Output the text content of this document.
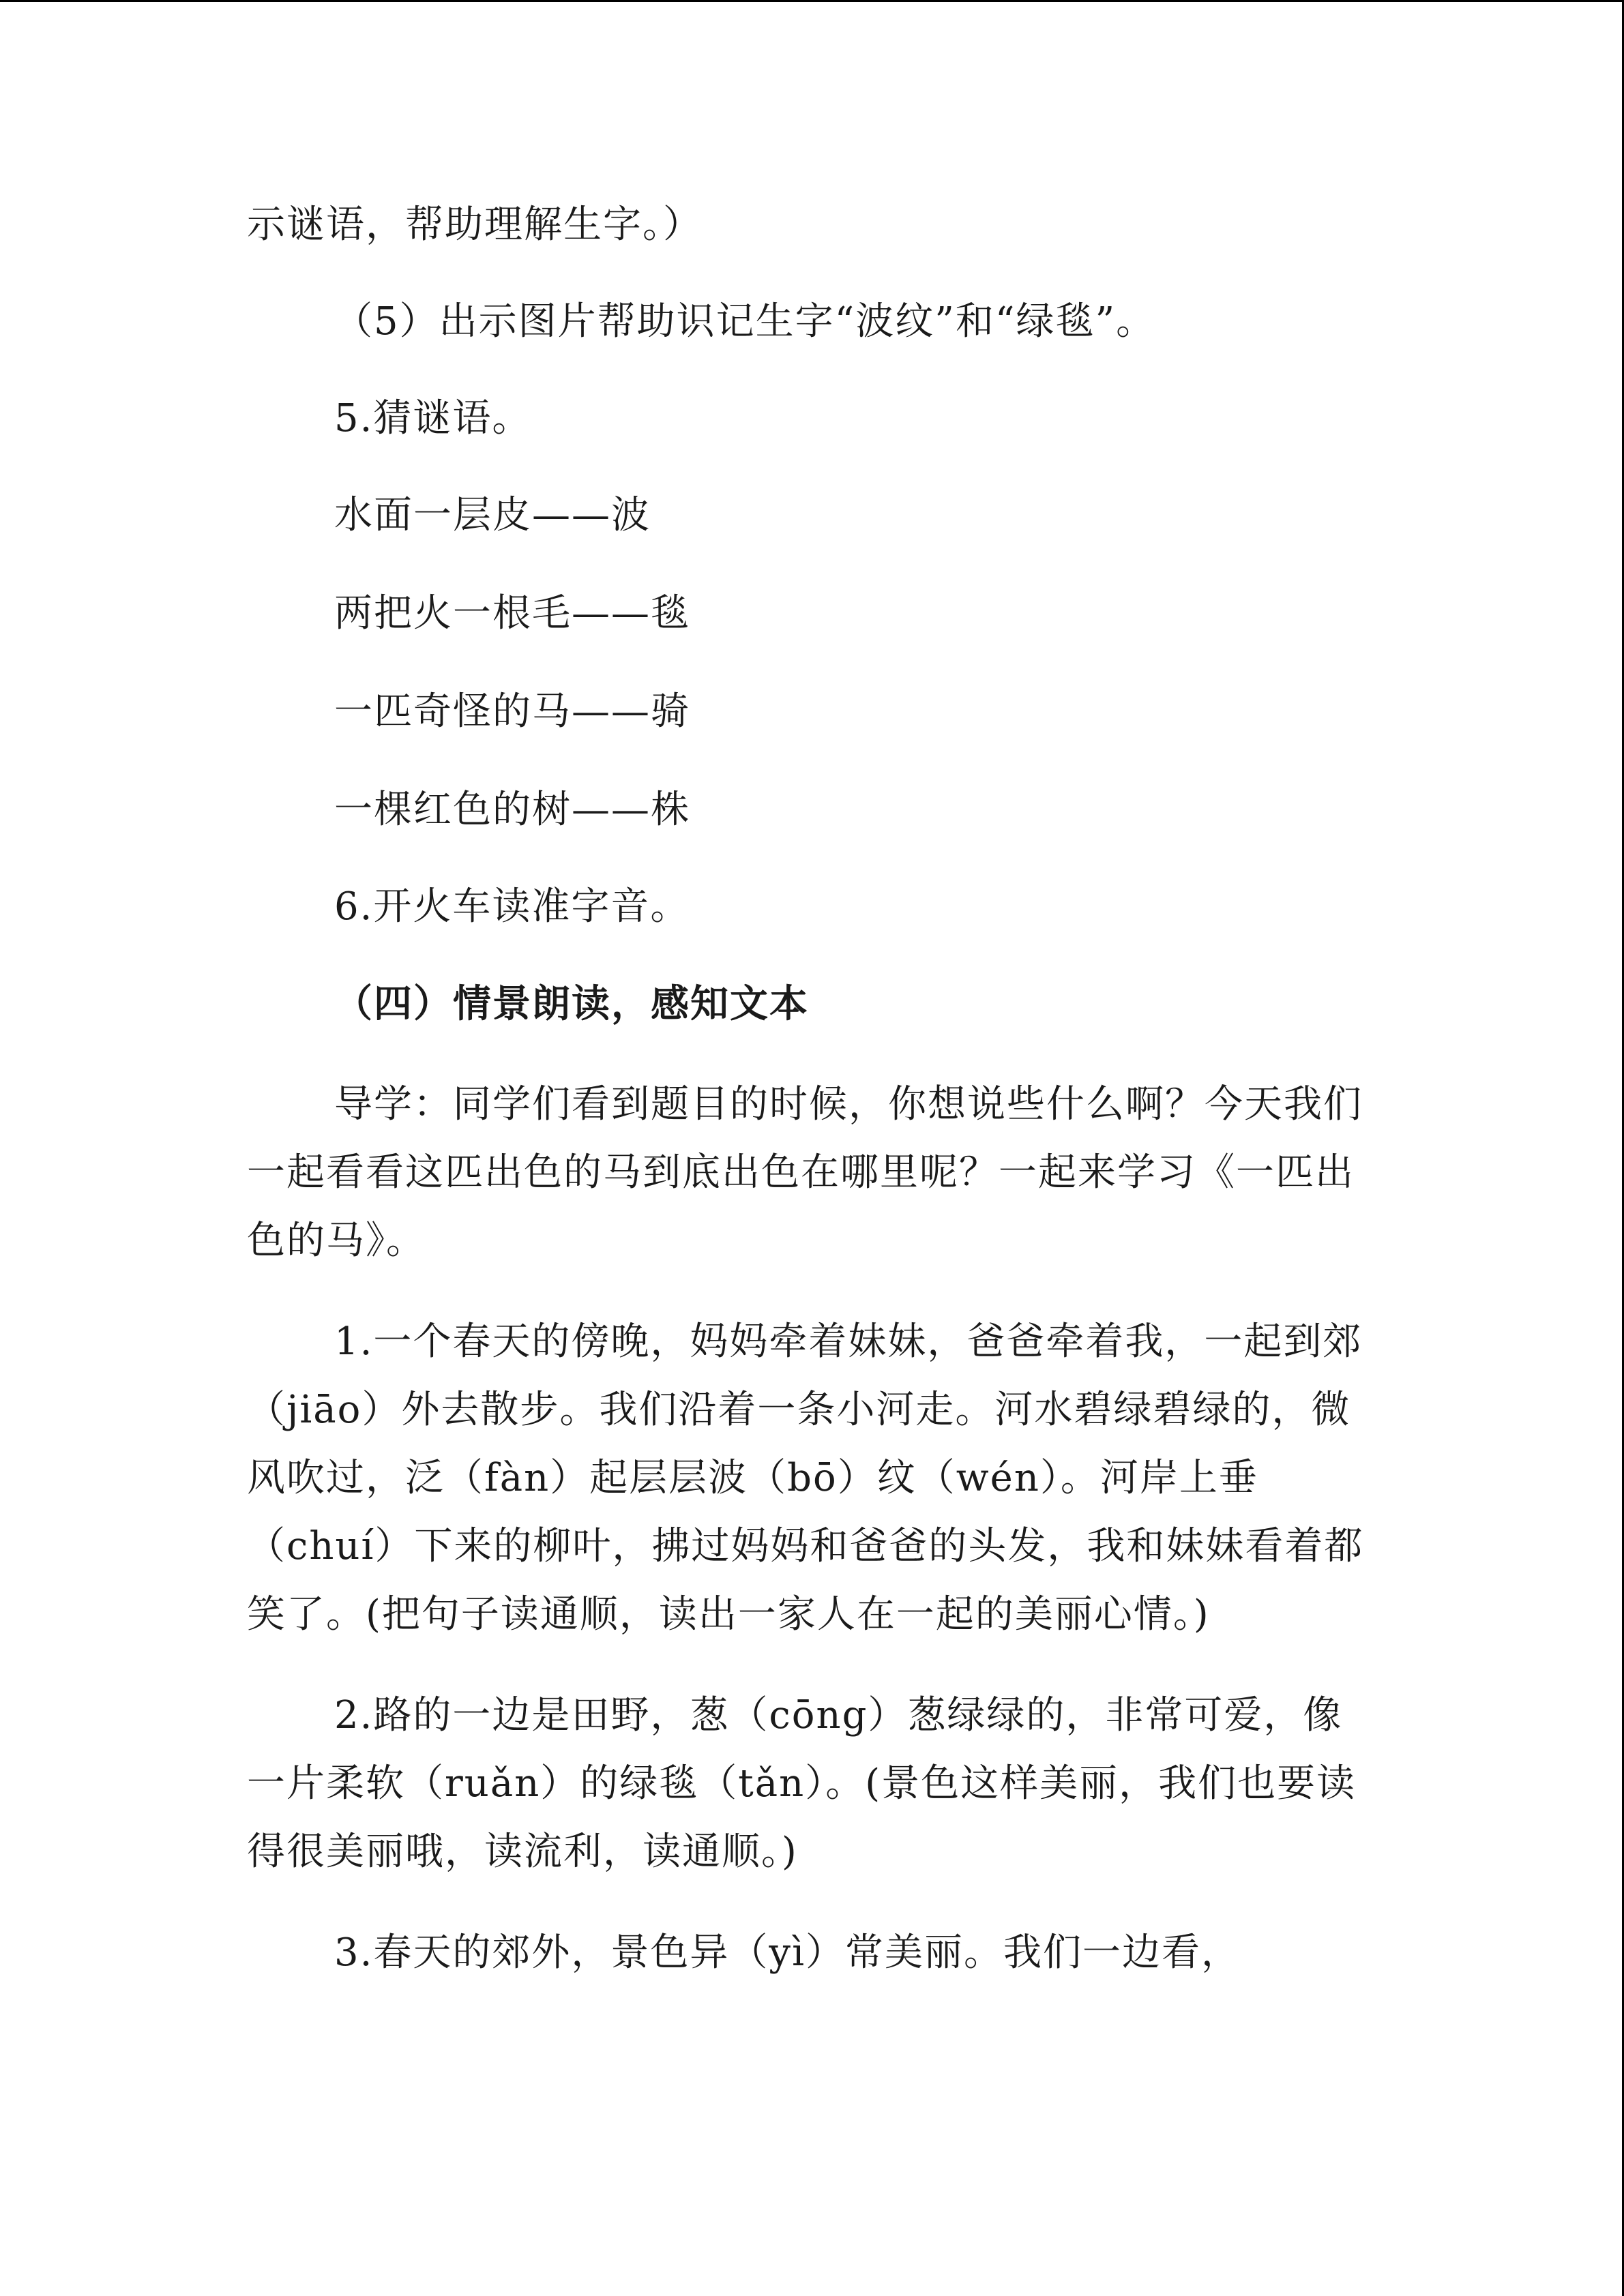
示谜语，帮助理解生字。）

（5）出示图片帮助识记生字“波纹”和“绿毯”。

5.猜谜语。

水面一层皮——波

两把火一根毛——毯

一匹奇怪的马——骑

一棵红色的树——株

6.开火车读准字音。

（四）情景朗读，感知文本

导学：同学们看到题目的时候，你想说些什么啊？今天我们一起看看这匹出色的马到底出色在哪里呢？一起来学习《一匹出色的马》。

1.一个春天的傍晚，妈妈牵着妹妹，爸爸牵着我，一起到郊（jiāo）外去散步。我们沿着一条小河走。河水碧绿碧绿的，微风吹过，泛（fàn）起层层波（bō）纹（wén）。河岸上垂（chuí）下来的柳叶，拂过妈妈和爸爸的头发，我和妹妹看着都笑了。(把句子读通顺，读出一家人在一起的美丽心情。)

2.路的一边是田野，葱（cōng）葱绿绿的，非常可爱，像一片柔软（ruǎn）的绿毯（tǎn）。(景色这样美丽，我们也要读得很美丽哦，读流利，读通顺。)

3.春天的郊外，景色异（yì）常美丽。我们一边看，
